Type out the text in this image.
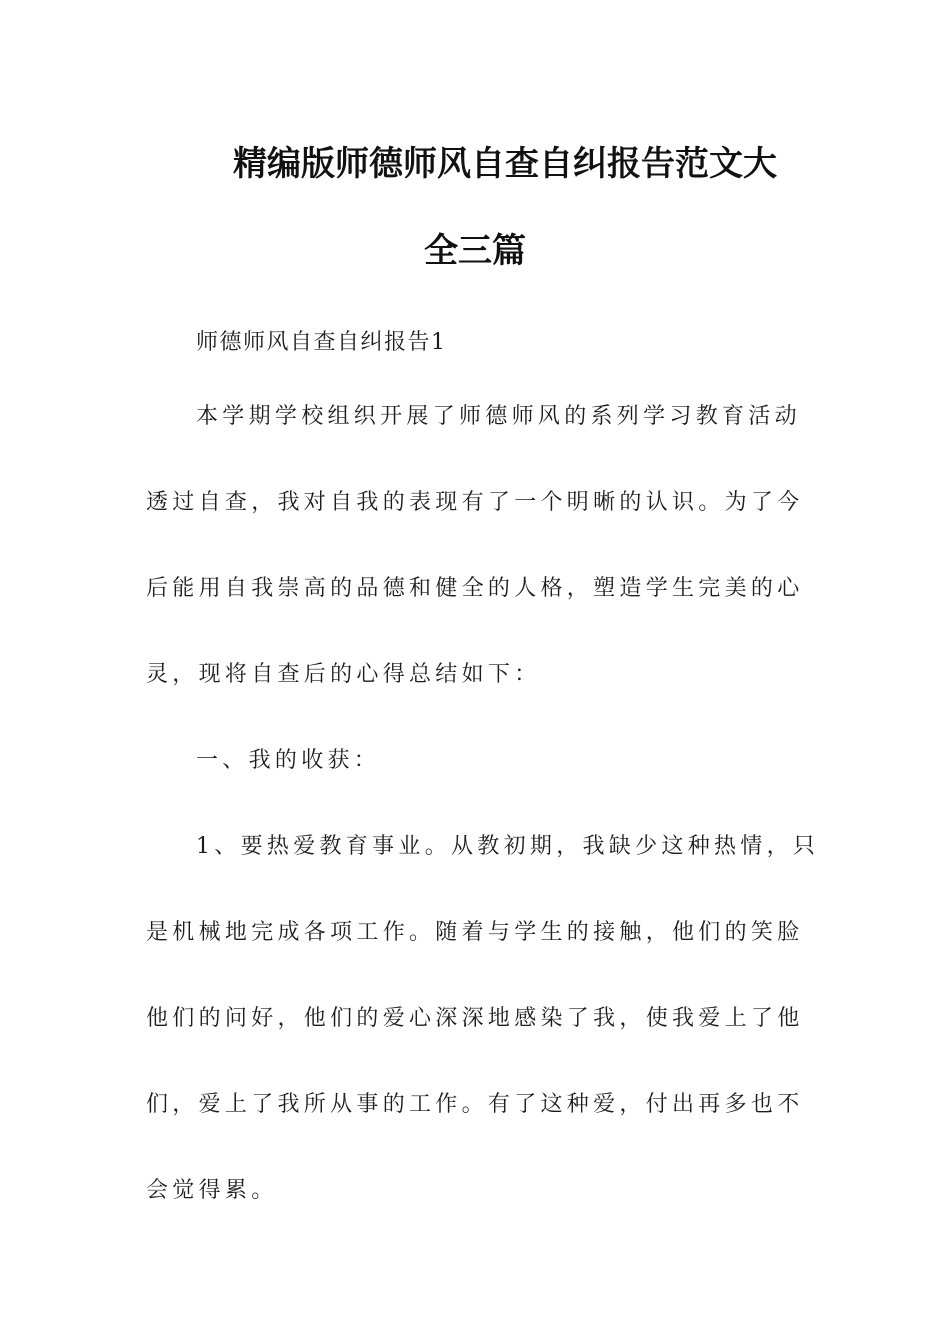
精编版师德师风自查自纠报告范文大
全三篇

师德师风自查自纠报告1

本学期学校组织开展了师德师风的系列学习教育活动

透过自查，我对自我的表现有了一个明晰的认识。为了今

后能用自我崇高的品德和健全的人格，塑造学生完美的心

灵，现将自查后的心得总结如下：

一、我的收获：

1、要热爱教育事业。从教初期，我缺少这种热情，只

是机械地完成各项工作。随着与学生的接触，他们的笑脸

他们的问好，他们的爱心深深地感染了我，使我爱上了他

们，爱上了我所从事的工作。有了这种爱，付出再多也不

会觉得累。
